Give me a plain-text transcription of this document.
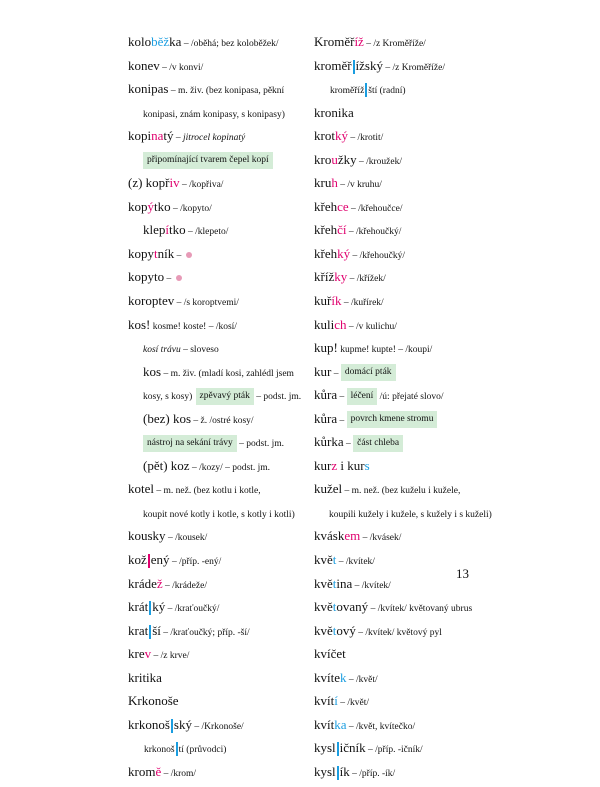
koloběžka – /oběhá; bez koloběžek/
konev – /v konvi/
konipas – m. živ. (bez konipasa, pěkní
konipasi, znám konipasy, s konipasy)
kopinatý – jitrocel kopinatý
připomínající tvarem čepel kopí
(z) kopřiv – /kopřiva/
kopýtko – /kopyto/
klepítko – /klepeto/
kopytník –
kopyto –
koroptev – /s koroptvemi/
kos! kosme! koste! – /kosí/
kosí trávu – sloveso
kos – m. živ. (mladí kosi, zahlédl jsem
kosy, s kosy) zpěvavý pták – podst. jm.
(bez) kos – ž. /ostré kosy/
nástroj na sekání trávy – podst. jm.
(pět) koz – /kozy/ – podst. jm.
kotel – m. než. (bez kotlu i kotle,
koupit nové kotly i kotle, s kotly i kotli)
kousky – /kousek/
kož ený – /příp. -ený/
krádež – /krádeže/
krát ký – /kraťoučký/
krat ší – /kraťoučký; příp. -ší/
krev – /z krve/
kritika
Krkonoše
krkonoš ský – /Krkonoše/
krkonoš tí (průvodci)
kromě – /krom/
Kroměříž – /z Kroměříže/
kroměř ížský – /z Kroměříže/
kroměříž ští (radní)
kronika
krotký – /krotit/
kroužky – /kroužek/
kruh – /v kruhu/
křehce – /křehoučce/
křehčí – /křehoučký/
křehký – /křehoučký/
křížky – /křížek/
kuřík – /kuřírek/
kulich – /v kulichu/
kup! kupme! kupte! – /koupi/
kur – domácí pták
kůra – léčení /ú: přejaté slovo/
kůra – povrch kmene stromu
kůrka – část chleba
kurz i kurs
kužel – m. než. (bez kuželu i kužele,
koupili kužely i kužele, s kužely i s kuželi)
kváskem – /kvásek/
květ – /kvítek/
květina – /kvítek/
květovaný – /kvítek/ květovaný ubrus
květový – /kvítek/ květový pyl
kvíčet
kvítek – /květ/
kvítí – /květ/
kvítka – /květ, kvítečko/
kysl ičník – /příp. -ičník/
kysl ík – /příp. -ík/
13
